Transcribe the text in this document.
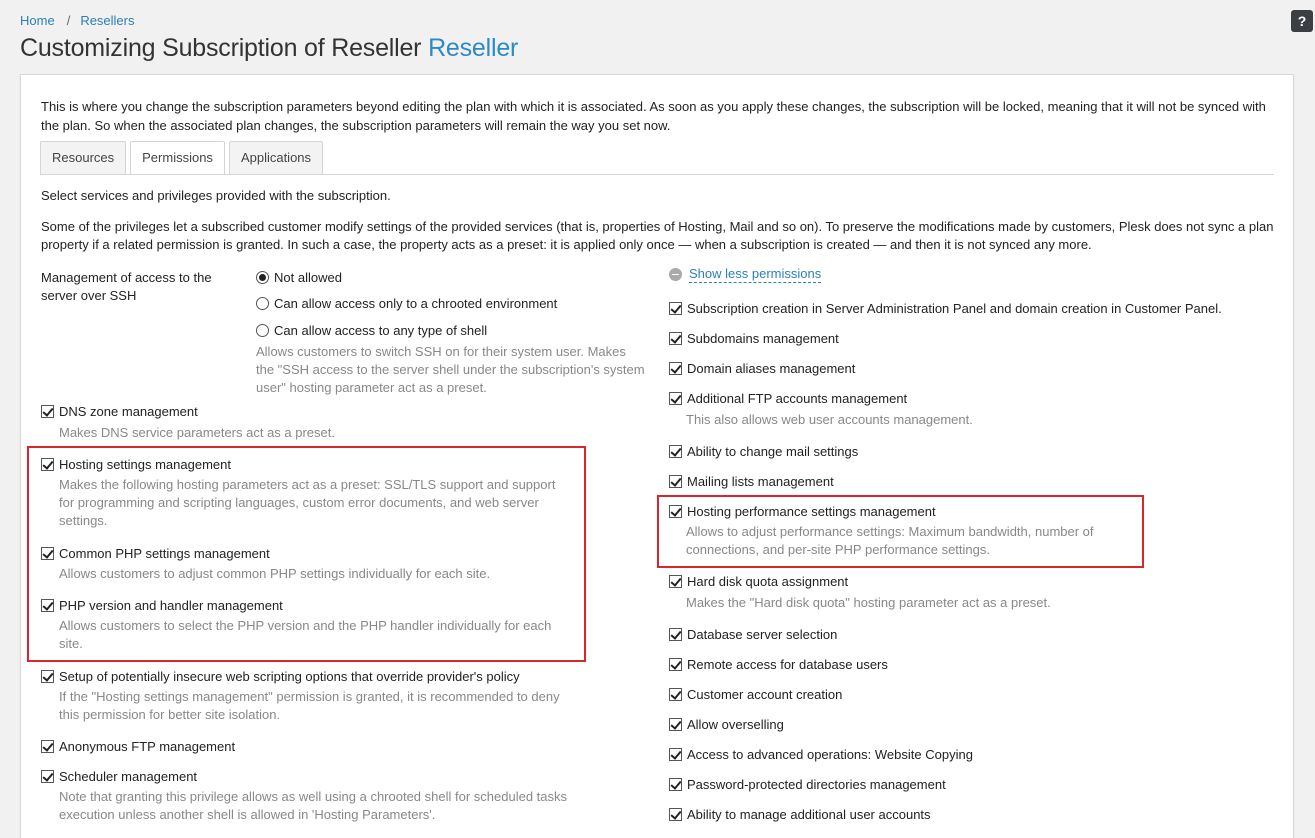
Home / Resellers	?
Customizing Subscription of Reseller Reseller
This is where you change the subscription parameters beyond editing the plan with which it is associated. As soon as you apply these changes, the subscription will be locked, meaning that it will not be synced with the plan. So when the associated plan changes, the subscription parameters will remain the way you set now.
Resources	Permissions	Applications
Select services and privileges provided with the subscription.
Some of the privileges let a subscribed customer modify settings of the provided services (that is, properties of Hosting, Mail and so on). To preserve the modifications made by customers, Plesk does not sync a plan property if a related permission is granted. In such a case, the property acts as a preset: it is applied only once — when a subscription is created — and then it is not synced any more.
Management of access to the server over SSH
Not allowed
Can allow access only to a chrooted environment
Can allow access to any type of shell
Allows customers to switch SSH on for their system user. Makes the "SSH access to the server shell under the subscription's system user" hosting parameter act as a preset.
DNS zone management
Makes DNS service parameters act as a preset.
Hosting settings management
Makes the following hosting parameters act as a preset: SSL/TLS support and support for programming and scripting languages, custom error documents, and web server settings.
Common PHP settings management
Allows customers to adjust common PHP settings individually for each site.
PHP version and handler management
Allows customers to select the PHP version and the PHP handler individually for each site.
Setup of potentially insecure web scripting options that override provider's policy
If the "Hosting settings management" permission is granted, it is recommended to deny this permission for better site isolation.
Anonymous FTP management
Scheduler management
Note that granting this privilege allows as well using a chrooted shell for scheduled tasks execution unless another shell is allowed in 'Hosting Parameters'.
Show less permissions
Subscription creation in Server Administration Panel and domain creation in Customer Panel.
Subdomains management
Domain aliases management
Additional FTP accounts management
This also allows web user accounts management.
Ability to change mail settings
Mailing lists management
Hosting performance settings management
Allows to adjust performance settings: Maximum bandwidth, number of connections, and per-site PHP performance settings.
Hard disk quota assignment
Makes the "Hard disk quota" hosting parameter act as a preset.
Database server selection
Remote access for database users
Customer account creation
Allow overselling
Access to advanced operations: Website Copying
Password-protected directories management
Ability to manage additional user accounts
